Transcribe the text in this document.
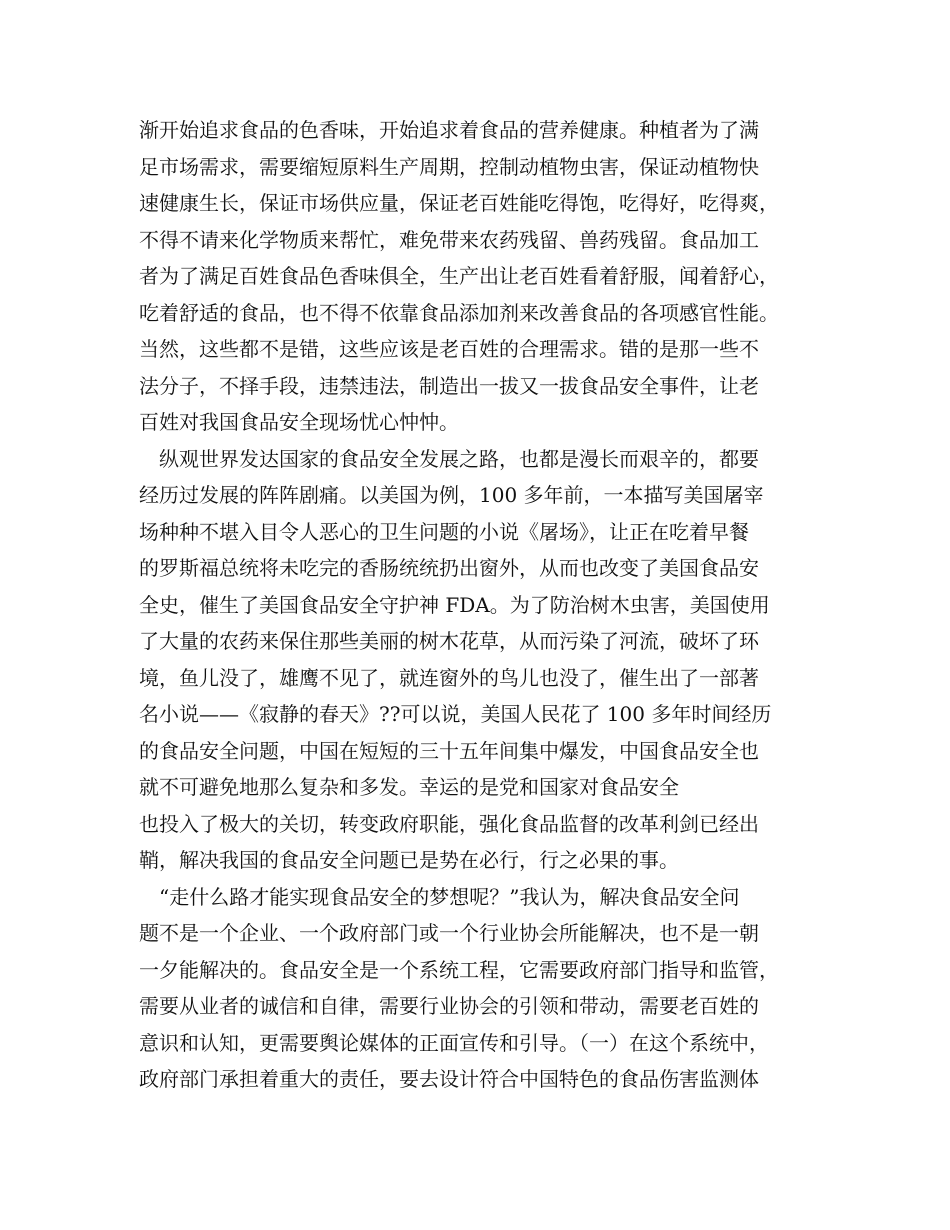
渐开始追求食品的色香味，开始追求着食品的营养健康。种植者为了满
足市场需求，需要缩短原料生产周期，控制动植物虫害，保证动植物快
速健康生长，保证市场供应量，保证老百姓能吃得饱，吃得好，吃得爽，
不得不请来化学物质来帮忙，难免带来农药残留、兽药残留。食品加工
者为了满足百姓食品色香味俱全，生产出让老百姓看着舒服，闻着舒心，
吃着舒适的食品，也不得不依靠食品添加剂来改善食品的各项感官性能。
当然，这些都不是错，这些应该是老百姓的合理需求。错的是那一些不
法分子，不择手段，违禁违法，制造出一拔又一拔食品安全事件，让老
百姓对我国食品安全现场忧心忡忡。
纵观世界发达国家的食品安全发展之路，也都是漫长而艰辛的，都要
经历过发展的阵阵剧痛。以美国为例，100 多年前，一本描写美国屠宰
场种种不堪入目令人恶心的卫生问题的小说《屠场》，让正在吃着早餐
的罗斯福总统将未吃完的香肠统统扔出窗外，从而也改变了美国食品安
全史，催生了美国食品安全守护神 FDA。为了防治树木虫害，美国使用
了大量的农药来保住那些美丽的树木花草，从而污染了河流，破坏了环
境，鱼儿没了，雄鹰不见了，就连窗外的鸟儿也没了，催生出了一部著
名小说——《寂静的春天》??可以说，美国人民花了 100 多年时间经历
的食品安全问题，中国在短短的三十五年间集中爆发，中国食品安全也
就不可避免地那么复杂和多发。幸运的是党和国家对食品安全
也投入了极大的关切，转变政府职能，强化食品监督的改革利剑已经出
鞘，解决我国的食品安全问题已是势在必行，行之必果的事。
“走什么路才能实现食品安全的梦想呢？”我认为，解决食品安全问
题不是一个企业、一个政府部门或一个行业协会所能解决，也不是一朝
一夕能解决的。食品安全是一个系统工程，它需要政府部门指导和监管，
需要从业者的诚信和自律，需要行业协会的引领和带动，需要老百姓的
意识和认知，更需要舆论媒体的正面宣传和引导。（一）在这个系统中，
政府部门承担着重大的责任，要去设计符合中国特色的食品伤害监测体
